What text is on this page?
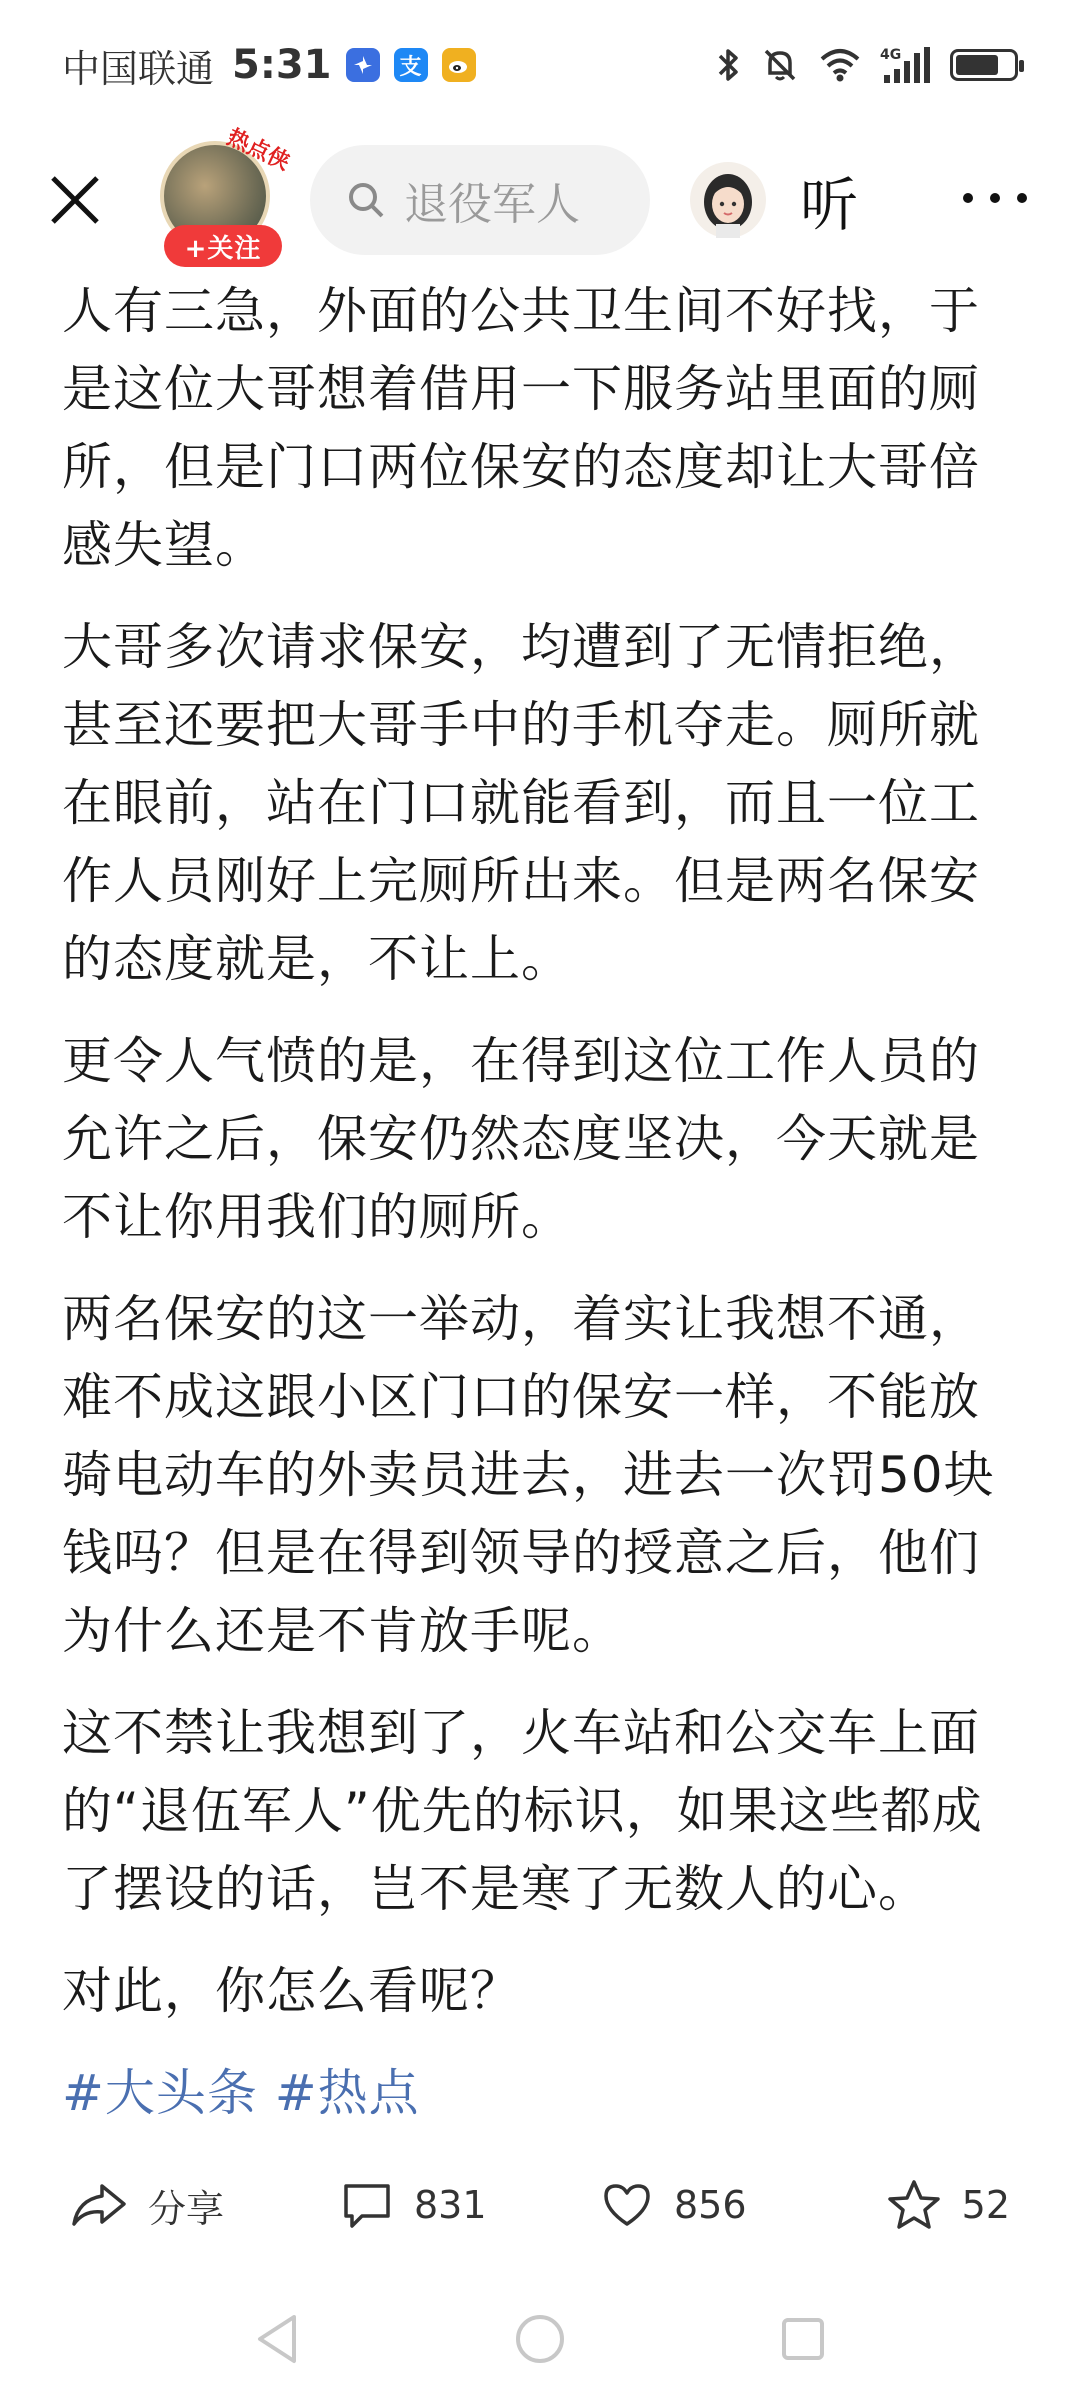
中国联通 5:31	支	4G
热点侠
+关注
退役军人	听

人有三急，外面的公共卫生间不好找，于是这位大哥想着借用一下服务站里面的厕所，但是门口两位保安的态度却让大哥倍感失望。

大哥多次请求保安，均遭到了无情拒绝，甚至还要把大哥手中的手机夺走。厕所就在眼前，站在门口就能看到，而且一位工作人员刚好上完厕所出来。但是两名保安的态度就是，不让上。

更令人气愤的是，在得到这位工作人员的允许之后，保安仍然态度坚决，今天就是不让你用我们的厕所。

两名保安的这一举动，着实让我想不通，难不成这跟小区门口的保安一样，不能放骑电动车的外卖员进去，进去一次罚50块钱吗？但是在得到领导的授意之后，他们为什么还是不肯放手呢。

这不禁让我想到了，火车站和公交车上面的“退伍军人”优先的标识，如果这些都成了摆设的话，岂不是寒了无数人的心。

对此，你怎么看呢？

#大头条 #热点

分享	831	856	52
